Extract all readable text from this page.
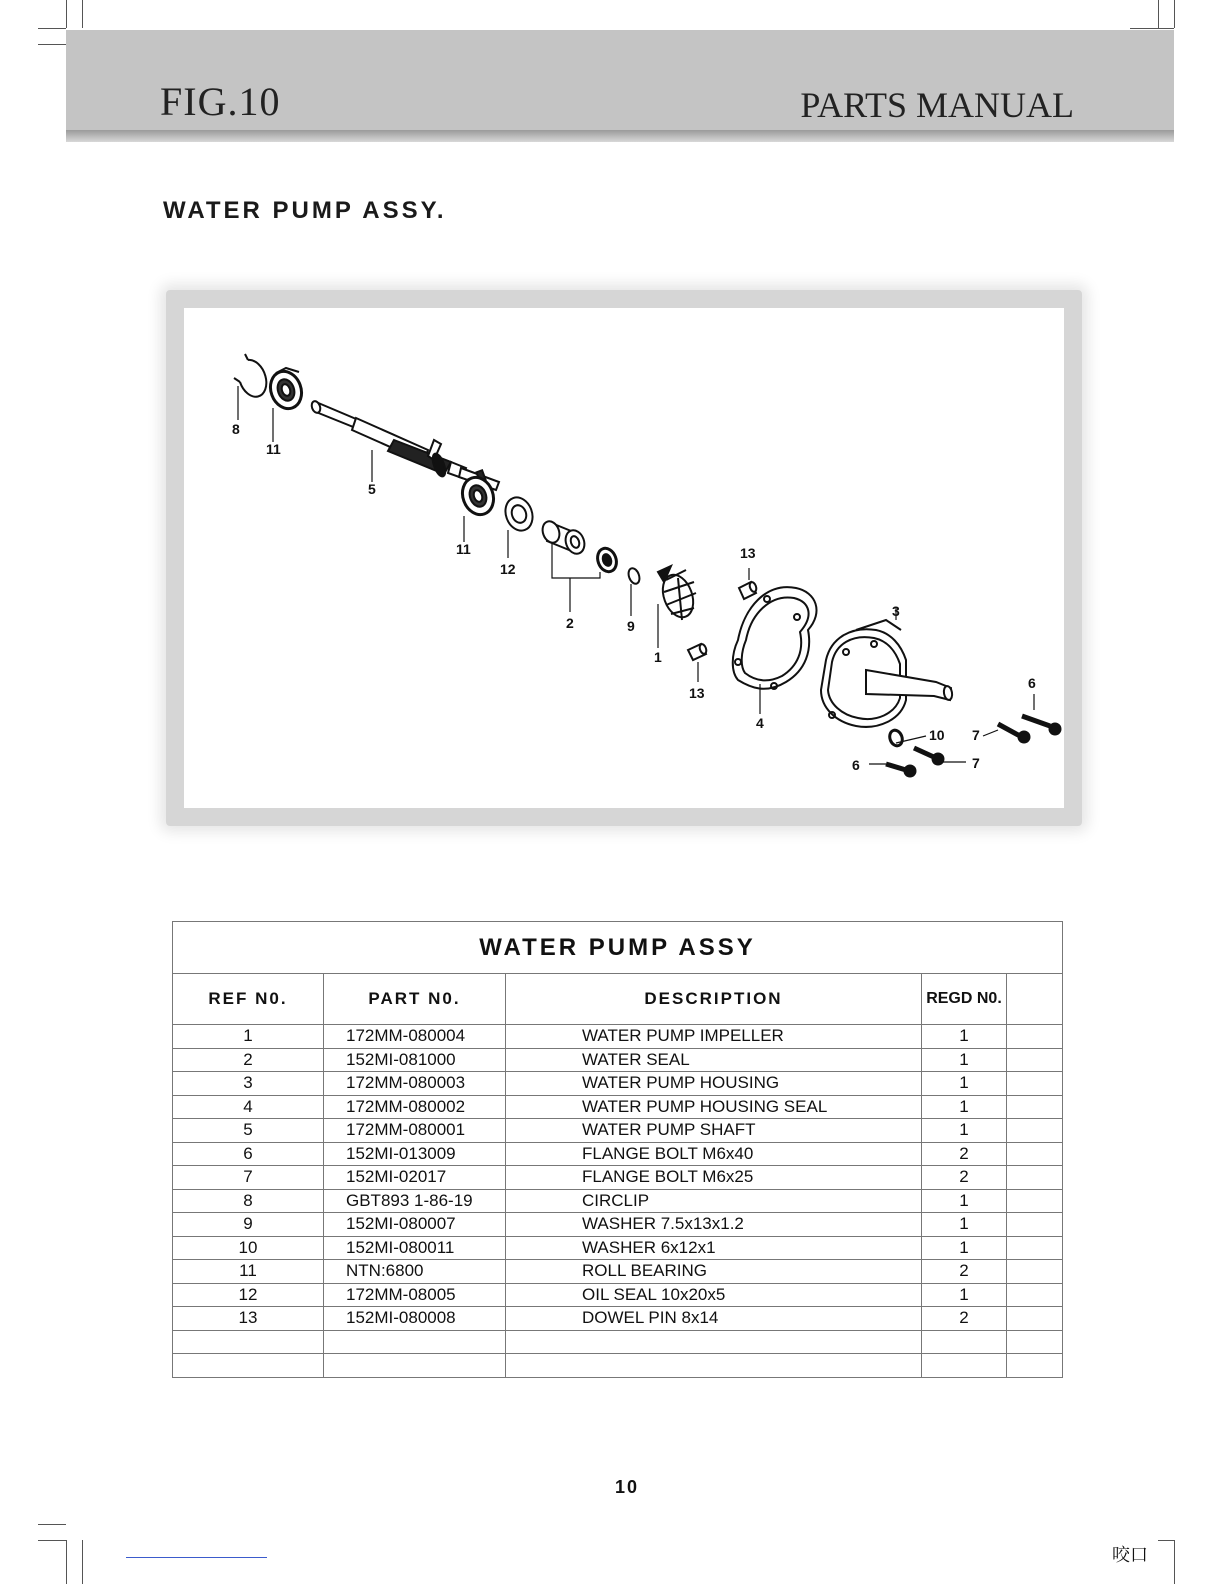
FIG.10	PARTS MANUAL
WATER PUMP ASSY.
8
11
5
11
12
2	9
1
13
13
4
3
6
10 7
7
6
WATER PUMP ASSY				
REF N0.	PART N0.	DESCRIPTION	REGD N0.	
1	172MM-080004	WATER PUMP IMPELLER	1	
2	152MI-081000	WATER SEAL	1	
3	172MM-080003	WATER PUMP HOUSING	1	
4	172MM-080002	WATER PUMP HOUSING SEAL	1	
5	172MM-080001	WATER PUMP SHAFT	1	
6	152MI-013009	FLANGE BOLT M6x40	2	
7	152MI-02017	FLANGE BOLT M6x25	2	
8	GBT893 1-86-19	CIRCLIP	1	
9	152MI-080007	WASHER 7.5x13x1.2	1	
10	152MI-080011	WASHER 6x12x1	1	
11	NTN:6800	ROLL BEARING	2	
12	172MM-08005	OIL SEAL 10x20x5	1	
13	152MI-080008	DOWEL PIN 8x14	2	

10
咬口
